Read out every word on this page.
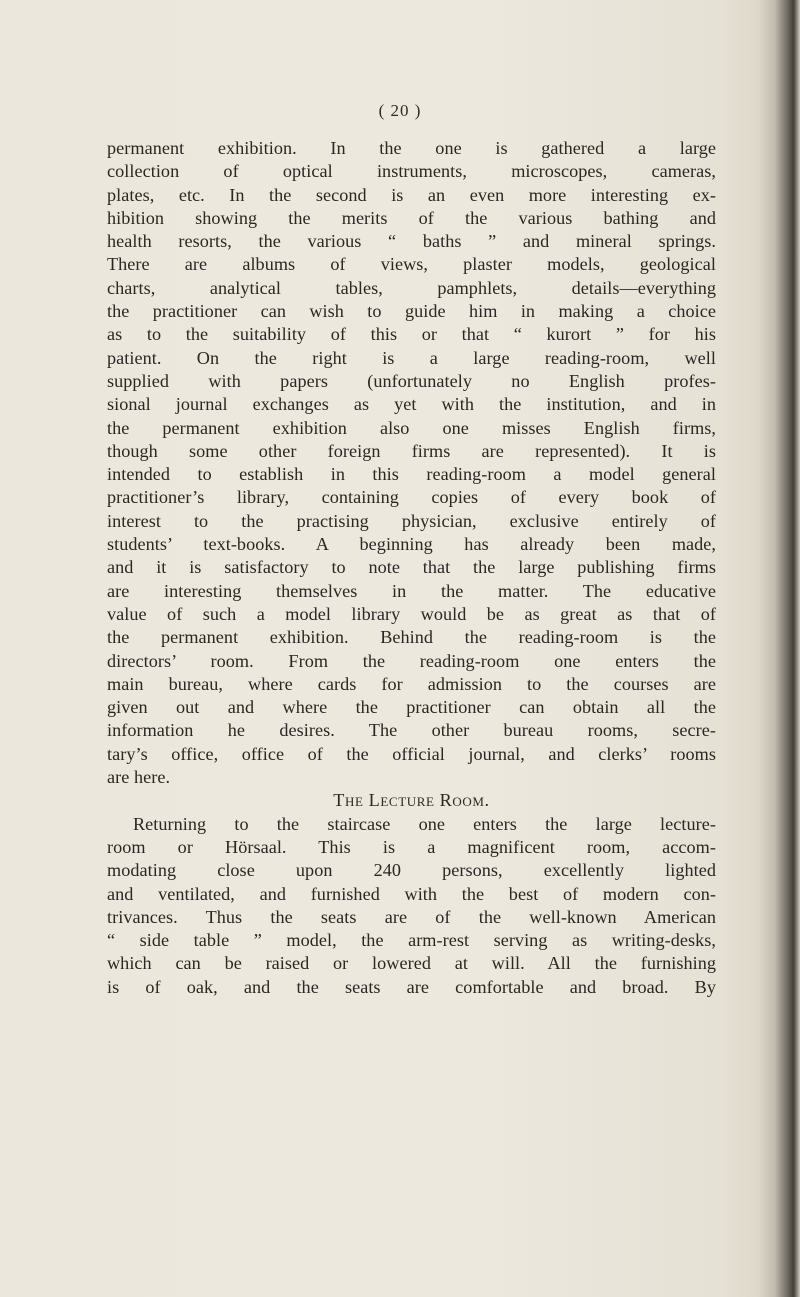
( 20 )
permanent exhibition. In the one is gathered a large
collection of optical instruments, microscopes, cameras,
plates, etc. In the second is an even more interesting ex-
hibition showing the merits of the various bathing and
health resorts, the various “ baths ” and mineral springs.
There are albums of views, plaster models, geological
charts, analytical tables, pamphlets, details—everything
the practitioner can wish to guide him in making a choice
as to the suitability of this or that “ kurort ” for his
patient. On the right is a large reading-room, well
supplied with papers (unfortunately no English profes-
sional journal exchanges as yet with the institution, and in
the permanent exhibition also one misses English firms,
though some other foreign firms are represented). It is
intended to establish in this reading-room a model general
practitioner’s library, containing copies of every book of
interest to the practising physician, exclusive entirely of
students’ text-books. A beginning has already been made,
and it is satisfactory to note that the large publishing firms
are interesting themselves in the matter. The educative
value of such a model library would be as great as that of
the permanent exhibition. Behind the reading-room is the
directors’ room. From the reading-room one enters the
main bureau, where cards for admission to the courses are
given out and where the practitioner can obtain all the
information he desires. The other bureau rooms, secre-
tary’s office, office of the official journal, and clerks’ rooms
are here.
The Lecture Room.
Returning to the staircase one enters the large lecture-
room or Hörsaal. This is a magnificent room, accom-
modating close upon 240 persons, excellently lighted
and ventilated, and furnished with the best of modern con-
trivances. Thus the seats are of the well-known American
“ side table ” model, the arm-rest serving as writing-desks,
which can be raised or lowered at will. All the furnishing
is of oak, and the seats are comfortable and broad. By
